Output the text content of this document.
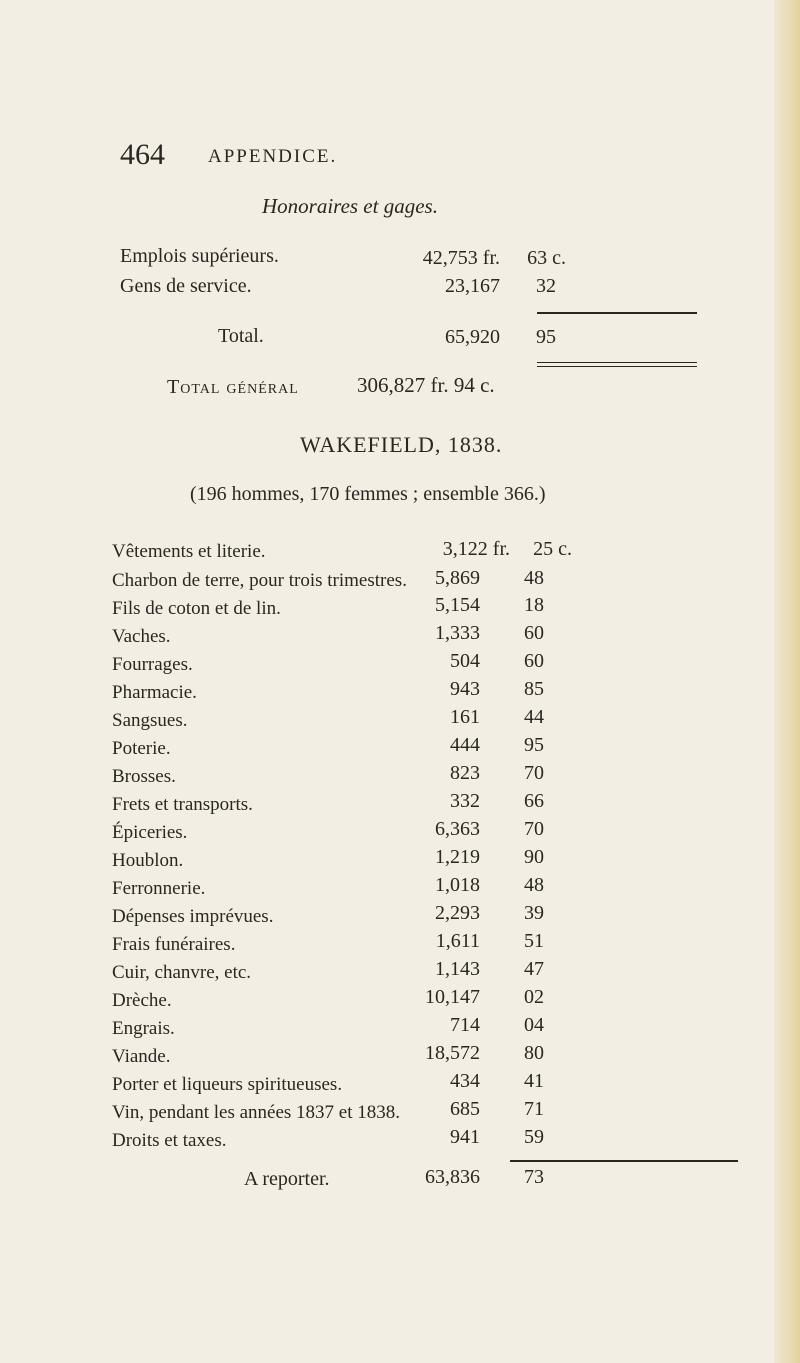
464 APPENDICE.
Honoraires et gages.
Emplois supérieurs.	42,753 fr.	63 c.
Gens de service.	23,167	32
Total.	65,920	95
Total général	306,827 fr. 94 c.
WAKEFIELD, 1838.
(196 hommes, 170 femmes ; ensemble 366.)
Vêtements et literie.	3,122 fr.	25 c.
Charbon de terre, pour trois trimestres.	5,869	48
Fils de coton et de lin.	5,154	18
Vaches.	1,333	60
Fourrages.	504	60
Pharmacie.	943	85
Sangsues.	161	44
Poterie.	444	95
Brosses.	823	70
Frets et transports.	332	66
Épiceries.	6,363	70
Houblon.	1,219	90
Ferronnerie.	1,018	48
Dépenses imprévues.	2,293	39
Frais funéraires.	1,611	51
Cuir, chanvre, etc.	1,143	47
Drèche.	10,147	02
Engrais.	714	04
Viande.	18,572	80
Porter et liqueurs spiritueuses.	434	41
Vin, pendant les années 1837 et 1838.	685	71
Droits et taxes.	941	59
A reporter.	63,836	73
